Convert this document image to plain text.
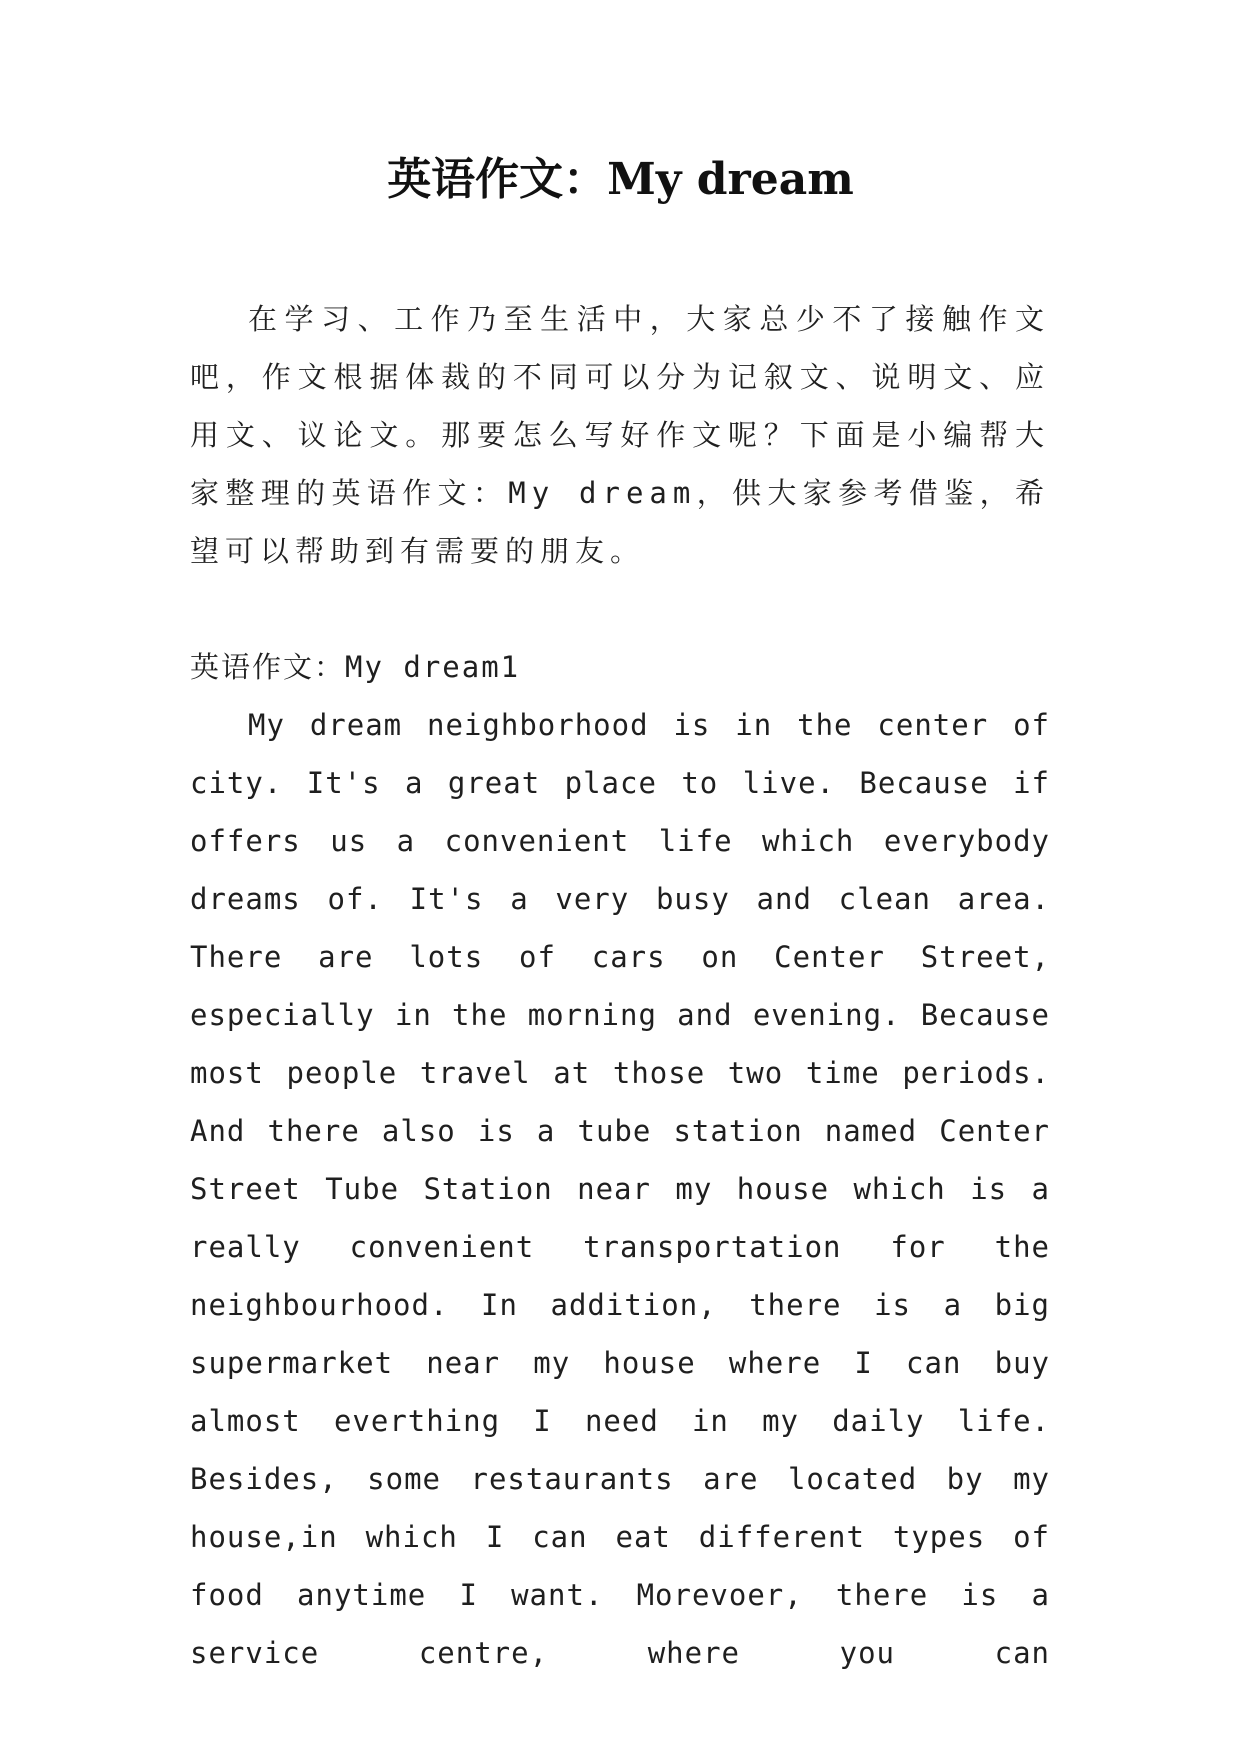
英语作文：My dream

在学习、工作乃至生活中，大家总少不了接触作文吧，作文根据体裁的不同可以分为记叙文、说明文、应用文、议论文。那要怎么写好作文呢？下面是小编帮大家整理的英语作文：My dream，供大家参考借鉴，希望可以帮助到有需要的朋友。

英语作文：My dream1

My dream neighborhood is in the center of city. It's a great place to live. Because if offers us a convenient life which everybody dreams of. It's a very busy and clean area. There are lots of cars on Center Street, especially in the morning and evening. Because most people travel at those two time periods. And there also is a tube station named Center Street Tube Station near my house which is a really convenient transportation for the neighbourhood. In addition, there is a big supermarket near my house where I can buy almost everthing I need in my daily life. Besides, some restaurants are located by my house,in which I can eat different types of food anytime I want. Morevoer, there is a service centre, where you can
